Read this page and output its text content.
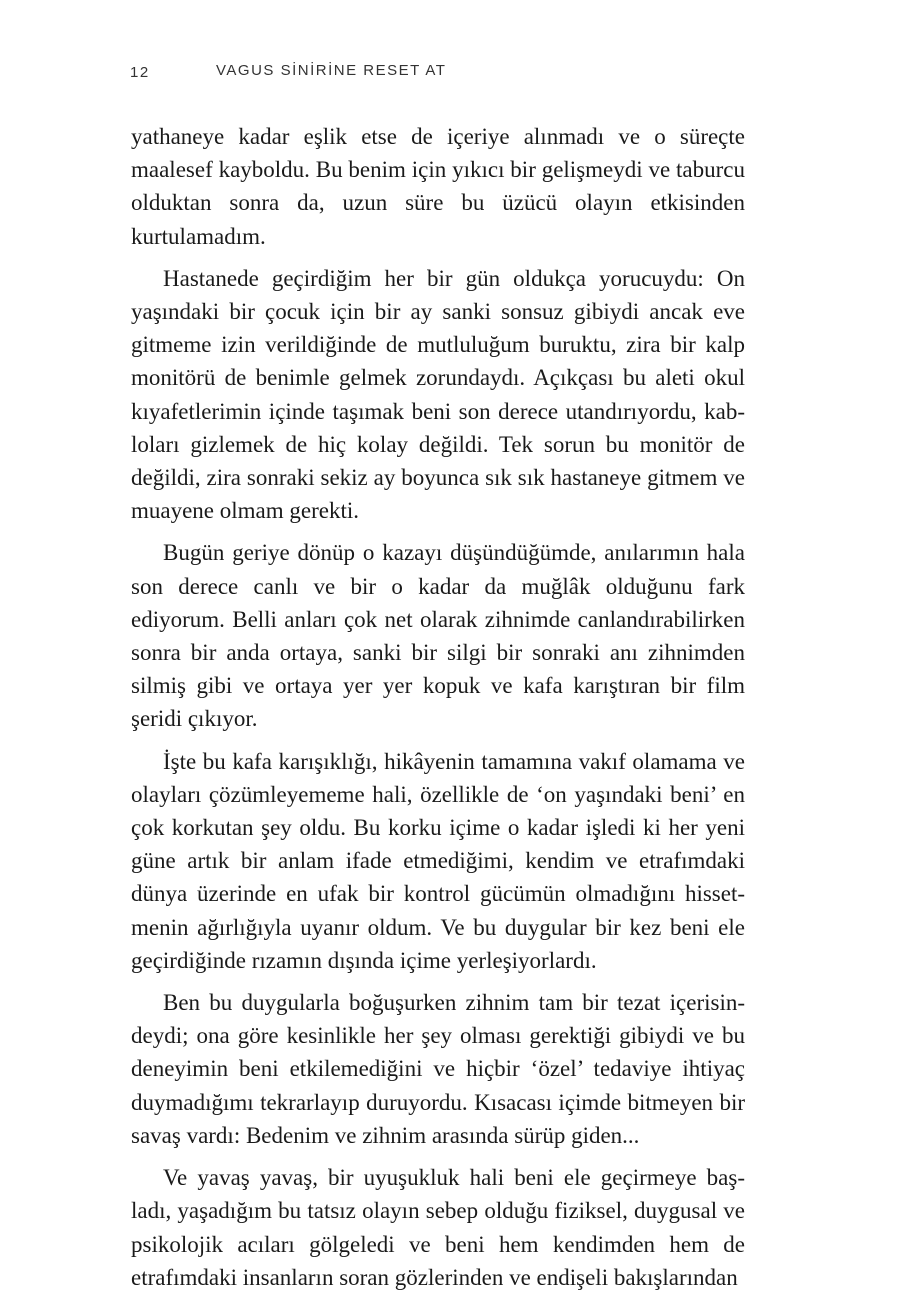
12	VAGUS SİNİRİNE RESET AT

yathaneye kadar eşlik etse de içeriye alınmadı ve o süreçte maalesef kayboldu. Bu benim için yıkıcı bir gelişmeydi ve taburcu olduktan sonra da, uzun süre bu üzücü olayın etkisinden kurtulamadım.

Hastanede geçirdiğim her bir gün oldukça yorucuydu: On yaşındaki bir çocuk için bir ay sanki sonsuz gibiydi ancak eve gitmeme izin verildiğinde de mutluluğum buruktu, zira bir kalp monitörü de benimle gelmek zorundaydı. Açıkçası bu aleti okul kıyafetlerimin içinde taşımak beni son derece utandırıyordu, kab-loları gizlemek de hiç kolay değildi. Tek sorun bu monitör de değildi, zira sonraki sekiz ay boyunca sık sık hastaneye gitmem ve muayene olmam gerekti.

Bugün geriye dönüp o kazayı düşündüğümde, anılarımın hala son derece canlı ve bir o kadar da muğlâk olduğunu fark ediyorum. Belli anları çok net olarak zihnimde canlandırabilirken sonra bir anda ortaya, sanki bir silgi bir sonraki anı zihnimden silmiş gibi ve ortaya yer yer kopuk ve kafa karıştıran bir film şeridi çıkıyor.

İşte bu kafa karışıklığı, hikâyenin tamamına vakıf olamama ve olayları çözümleyememe hali, özellikle de ‘on yaşındaki beni’ en çok korkutan şey oldu. Bu korku içime o kadar işledi ki her yeni güne artık bir anlam ifade etmediğimi, kendim ve etrafımdaki dünya üzerinde en ufak bir kontrol gücümün olmadığını hisset-menin ağırlığıyla uyanır oldum. Ve bu duygular bir kez beni ele geçirdiğinde rızamın dışında içime yerleşiyorlardı.

Ben bu duygularla boğuşurken zihnim tam bir tezat içerisin-deydi; ona göre kesinlikle her şey olması gerektiği gibiydi ve bu deneyimin beni etkilemediğini ve hiçbir ‘özel’ tedaviye ihtiyaç duymadığımı tekrarlayıp duruyordu. Kısacası içimde bitmeyen bir savaş vardı: Bedenim ve zihnim arasında sürüp giden...

Ve yavaş yavaş, bir uyuşukluk hali beni ele geçirmeye baş-ladı, yaşadığım bu tatsız olayın sebep olduğu fiziksel, duygusal ve psikolojik acıları gölgeledi ve beni hem kendimden hem de etrafımdaki insanların soran gözlerinden ve endişeli bakışlarından
